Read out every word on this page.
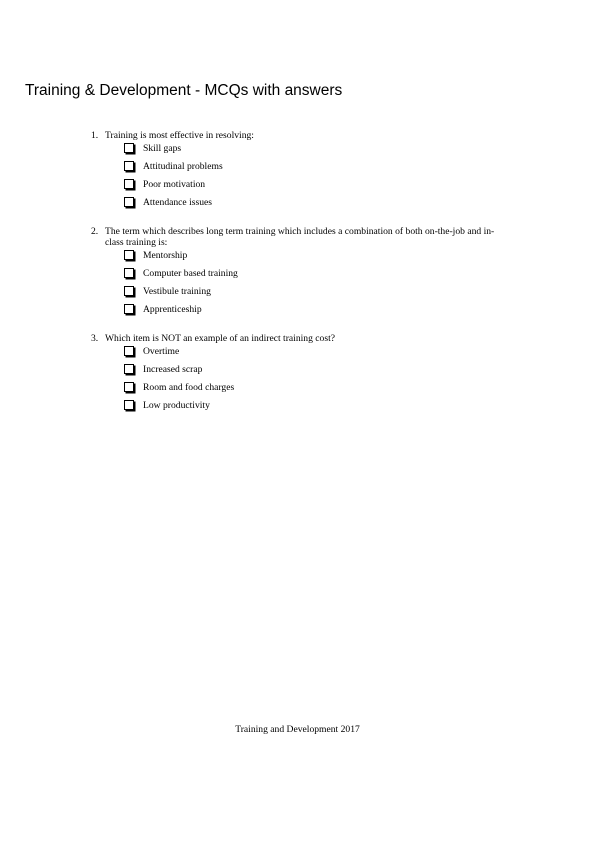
Training & Development - MCQs with answers
1. Training is most effective in resolving:
Skill gaps
Attitudinal problems
Poor motivation
Attendance issues
2. The term which describes long term training which includes a combination of both on-the-job and in-class training is:
Mentorship
Computer based training
Vestibule training
Apprenticeship
3. Which item is NOT an example of an indirect training cost?
Overtime
Increased scrap
Room and food charges
Low productivity
Training and Development 2017
